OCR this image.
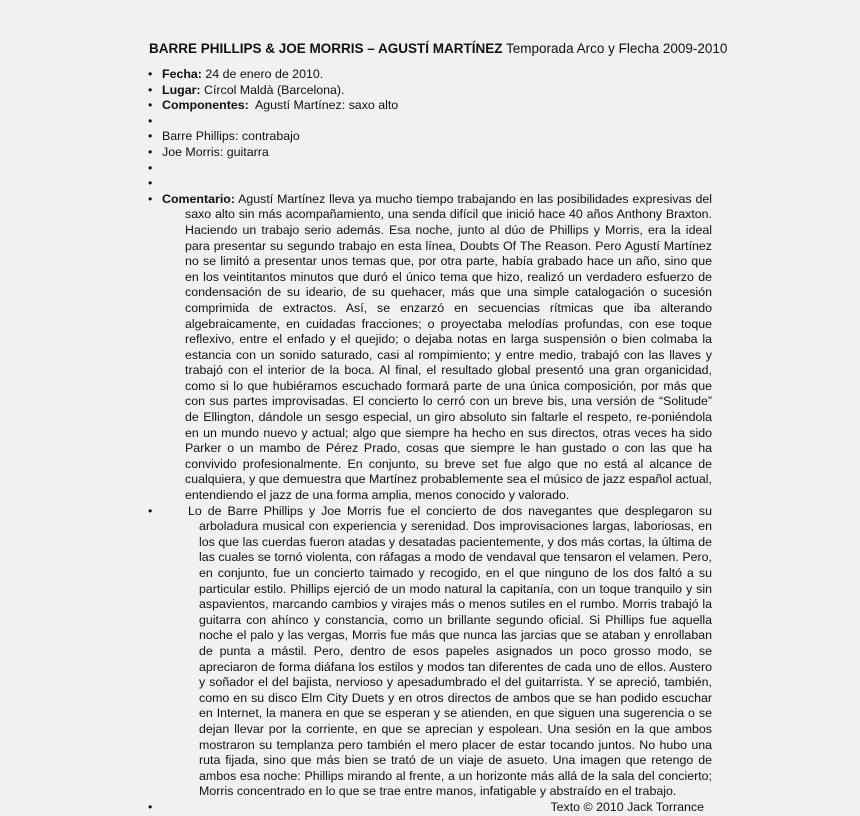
BARRE PHILLIPS & JOE MORRIS – AGUSTÍ MARTÍNEZ Temporada Arco y Flecha 2009-2010
• Fecha: 24 de enero de 2010.
• Lugar: Círcol Maldà (Barcelona).
• Componentes:  Agustí Martínez: saxo alto
•
• Barre Phillips: contrabajo
• Joe Morris: guitarra
•
•
• Comentario: Agustí Martínez lleva ya mucho tiempo trabajando en las posibilidades expresivas del saxo alto sin más acompañamiento, una senda difícil que inició hace 40 años Anthony Braxton. Haciendo un trabajo serio además. Esa noche, junto al dúo de Phillips y Morris, era la ideal para presentar su segundo trabajo en esta línea, Doubts Of The Reason. Pero Agustí Martínez no se limitó a presentar unos temas que, por otra parte, había grabado hace un año, sino que en los veintitantos minutos que duró el único tema que hizo, realizó un verdadero esfuerzo de condensación de su ideario, de su quehacer, más que una simple catalogación o sucesión comprimida de extractos. Así, se enzarzó en secuencias rítmicas que iba alterando algebraicamente, en cuidadas fracciones; o proyectaba melodías profundas, con ese toque reflexivo, entre el enfado y el quejido; o dejaba notas en larga suspensión o bien colmaba la estancia con un sonido saturado, casi al rompimiento; y entre medio, trabajó con las llaves y trabajó con el interior de la boca. Al final, el resultado global presentó una gran organicidad, como si lo que hubiéramos escuchado formará parte de una única composición, por más que con sus partes improvisadas. El concierto lo cerró con un breve bis, una versión de “Solitude” de Ellington, dándole un sesgo especial, un giro absoluto sin faltarle el respeto, re-poniéndola en un mundo nuevo y actual; algo que siempre ha hecho en sus directos, otras veces ha sido Parker o un mambo de Pérez Prado, cosas que siempre le han gustado o con las que ha convivido profesionalmente. En conjunto, su breve set fue algo que no está al alcance de cualquiera, y que demuestra que Martínez probablemente sea el músico de jazz español actual, entendiendo el jazz de una forma amplia, menos conocido y valorado.
• Lo de Barre Phillips y Joe Morris fue el concierto de dos navegantes que desplegaron su arboladura musical con experiencia y serenidad. Dos improvisaciones largas, laboriosas, en los que las cuerdas fueron atadas y desatadas pacientemente, y dos más cortas, la última de las cuales se tornó violenta, con ráfagas a modo de vendaval que tensaron el velamen. Pero, en conjunto, fue un concierto taimado y recogido, en el que ninguno de los dos faltó a su particular estilo. Phillips ejerció de un modo natural la capitanía, con un toque tranquilo y sin aspavientos, marcando cambios y virajes más o menos sutiles en el rumbo. Morris trabajó la guitarra con ahínco y constancia, como un brillante segundo oficial. Si Phillips fue aquella noche el palo y las vergas, Morris fue más que nunca las jarcias que se ataban y enrollaban de punta a mástil. Pero, dentro de esos papeles asignados un poco grosso modo, se apreciaron de forma diáfana los estilos y modos tan diferentes de cada uno de ellos. Austero y soñador el del bajista, nervioso y apesadumbrado el del guitarrista. Y se apreció, también, como en su disco Elm City Duets y en otros directos de ambos que se han podido escuchar en Internet, la manera en que se esperan y se atienden, en que siguen una sugerencia o se dejan llevar por la corriente, en que se aprecian y espolean. Una sesión en la que ambos mostraron su templanza pero también el mero placer de estar tocando juntos. No hubo una ruta fijada, sino que más bien se trató de un viaje de asueto. Una imagen que retengo de ambos esa noche: Phillips mirando al frente, a un horizonte más allá de la sala del concierto; Morris concentrado en lo que se trae entre manos, infatigable y abstraído en el trabajo.
• Texto © 2010 Jack Torrance
